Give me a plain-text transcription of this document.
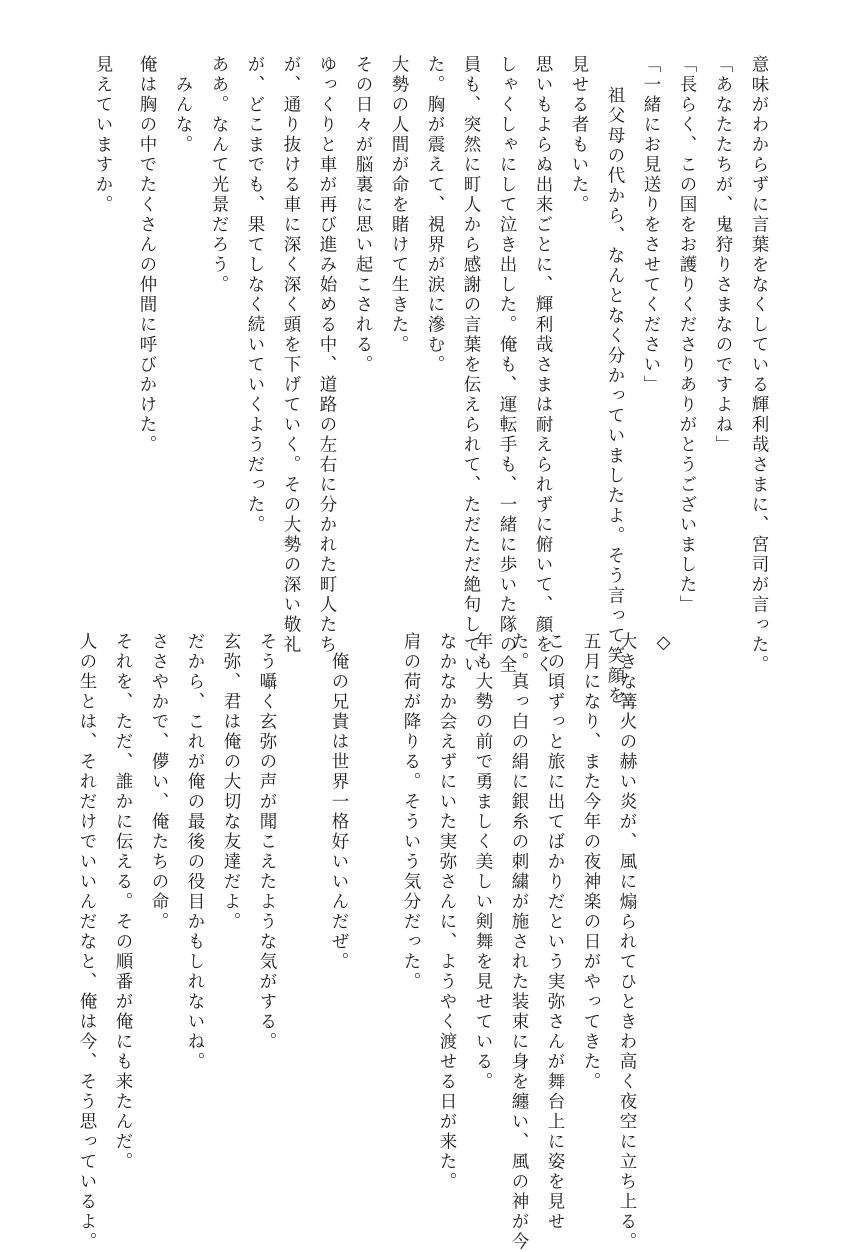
意味がわからずに言葉をなくしている輝利哉さまに、宮司が言った。
「あなたたちが、鬼狩りさまなのですよね」
「長らく、この国をお護りくださりありがとうございました」
「一緒にお見送りをさせてください」
祖父母の代から、なんとなく分かっていましたよ。そう言って笑顔を
見せる者もいた。
思いもよらぬ出来ごとに、輝利哉さまは耐えられずに俯いて、顔をく
しゃくしゃにして泣き出した。俺も、運転手も、一緒に歩いた隊の全
員も、突然に町人から感謝の言葉を伝えられて、ただただ絶句してい
た。胸が震えて、視界が涙に滲む。
大勢の人間が命を賭けて生きた。
その日々が脳裏に思い起こされる。
ゆっくりと車が再び進み始める中、道路の左右に分かれた町人たち
が、通り抜ける車に深く深く頭を下げていく。その大勢の深い敬礼
が、どこまでも、果てしなく続いていくようだった。
ああ。なんて光景だろう。
　みんな。
俺は胸の中でたくさんの仲間に呼びかけた。
見えていますか。
◇
大きな篝火の赫い炎が、風に煽られてひときわ高く夜空に立ち上る。
五月になり、また今年の夜神楽の日がやってきた。
この頃ずっと旅に出てばかりだという実弥さんが舞台上に姿を見せ
た。真っ白の絹に銀糸の刺繍が施された装束に身を纏い、風の神が今
年も大勢の前で勇ましく美しい剣舞を見せている。
なかなか会えずにいた実弥さんに、ようやく渡せる日が来た。
肩の荷が降りる。そういう気分だった。
　俺の兄貴は世界一格好いいんだぜ。
そう囁く玄弥の声が聞こえたような気がする。
玄弥、君は俺の大切な友達だよ。
だから、これが俺の最後の役目かもしれないね。
ささやかで、儚い、俺たちの命。
それを、ただ、誰かに伝える。その順番が俺にも来たんだ。
人の生とは、それだけでいいんだなと、俺は今、そう思っているよ。
